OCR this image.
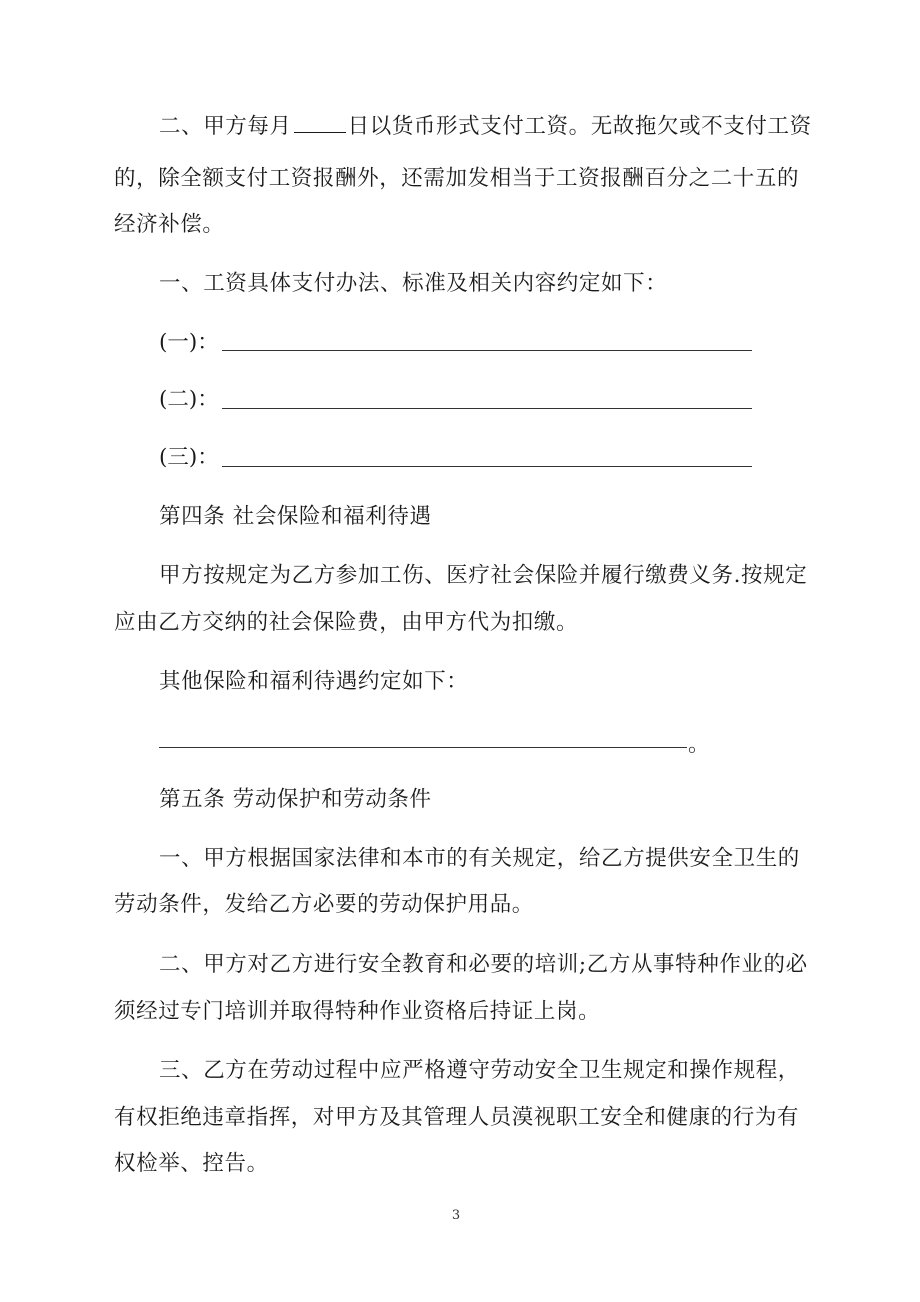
二、甲方每月	日以货币形式支付工资。无故拖欠或不支付工资
的，除全额支付工资报酬外，还需加发相当于工资报酬百分之二十五的
经济补偿。
一、工资具体支付办法、标准及相关内容约定如下：
(一)：
(二)：
(三)：
第四条 社会保险和福利待遇
甲方按规定为乙方参加工伤、医疗社会保险并履行缴费义务.按规定
应由乙方交纳的社会保险费，由甲方代为扣缴。
其他保险和福利待遇约定如下：
。
第五条 劳动保护和劳动条件
一、甲方根据国家法律和本市的有关规定，给乙方提供安全卫生的
劳动条件，发给乙方必要的劳动保护用品。
二、甲方对乙方进行安全教育和必要的培训;乙方从事特种作业的必
须经过专门培训并取得特种作业资格后持证上岗。
三、乙方在劳动过程中应严格遵守劳动安全卫生规定和操作规程，
有权拒绝违章指挥，对甲方及其管理人员漠视职工安全和健康的行为有
权检举、控告。
3
